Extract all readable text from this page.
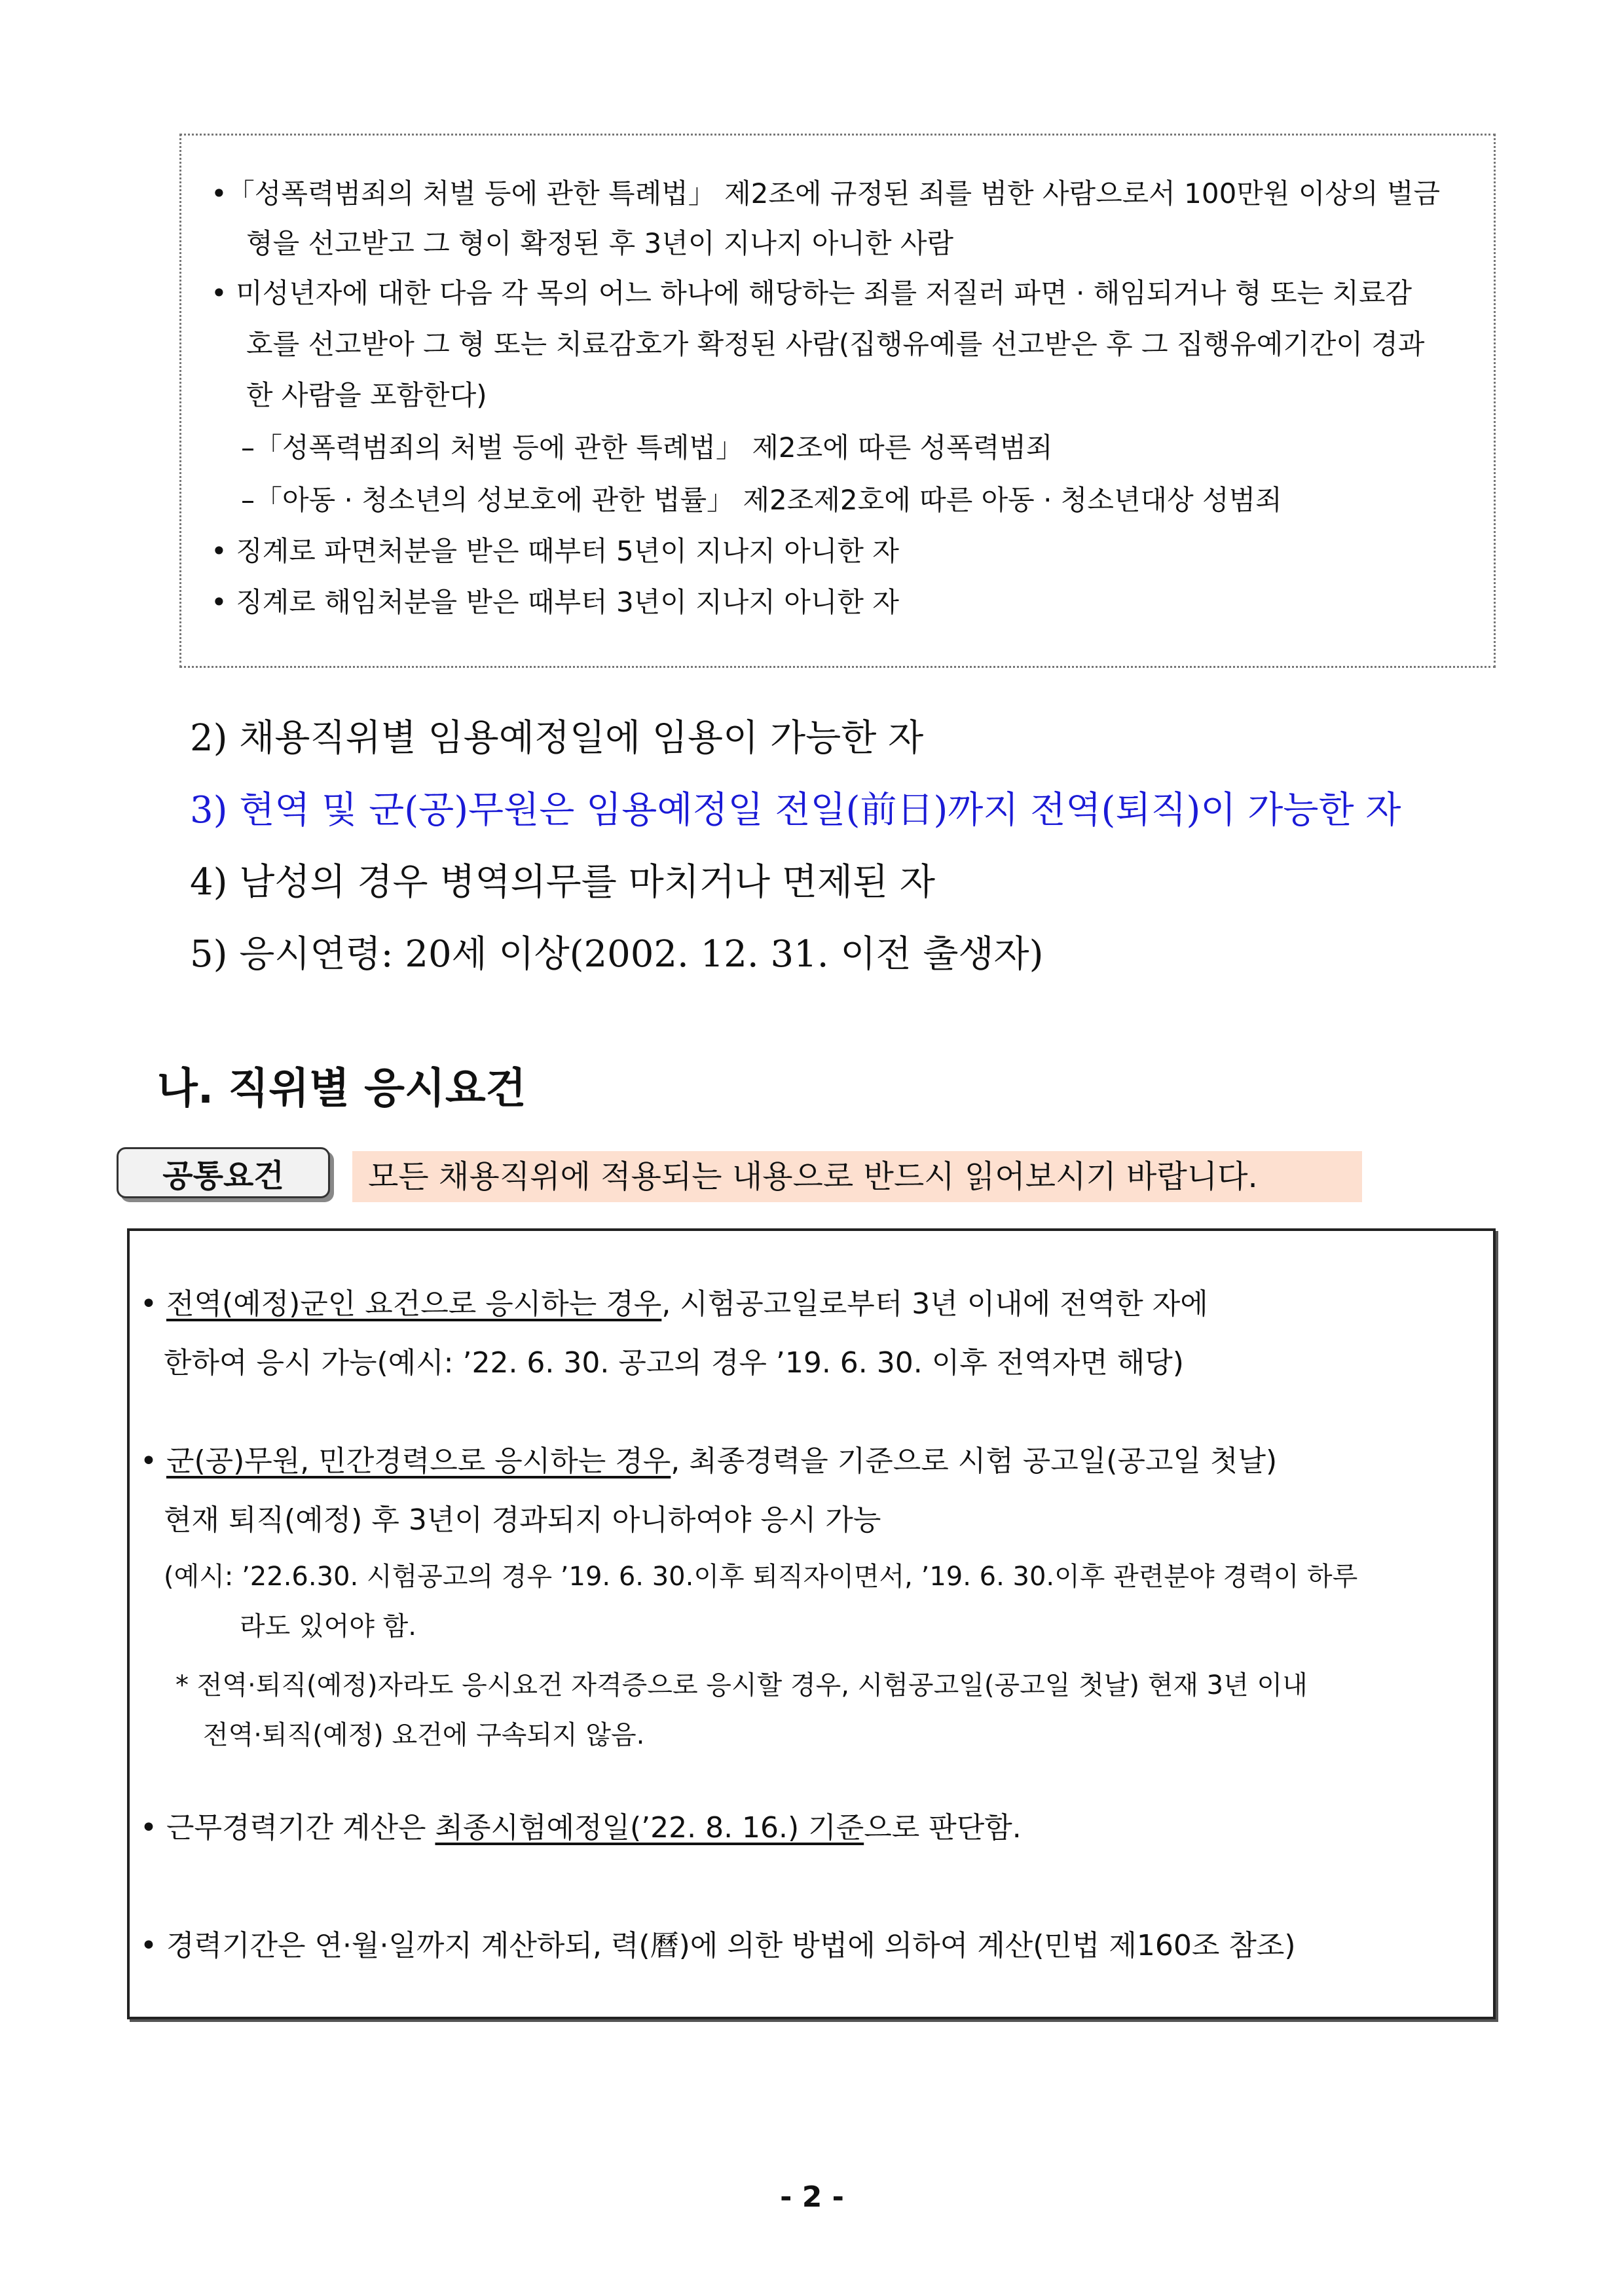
•「성폭력범죄의 처벌 등에 관한 특례법」 제2조에 규정된 죄를 범한 사람으로서 100만원 이상의 벌금
형을 선고받고 그 형이 확정된 후 3년이 지나지 아니한 사람
• 미성년자에 대한 다음 각 목의 어느 하나에 해당하는 죄를 저질러 파면 · 해임되거나 형 또는 치료감
호를 선고받아 그 형 또는 치료감호가 확정된 사람(집행유예를 선고받은 후 그 집행유예기간이 경과
한 사람을 포함한다)
–「성폭력범죄의 처벌 등에 관한 특례법」 제2조에 따른 성폭력범죄
–「아동 · 청소년의 성보호에 관한 법률」 제2조제2호에 따른 아동 · 청소년대상 성범죄
• 징계로 파면처분을 받은 때부터 5년이 지나지 아니한 자
• 징계로 해임처분을 받은 때부터 3년이 지나지 아니한 자
2) 채용직위별 임용예정일에 임용이 가능한 자
3) 현역 및 군(공)무원은 임용예정일 전일(前日)까지 전역(퇴직)이 가능한 자
4) 남성의 경우 병역의무를 마치거나 면제된 자
5) 응시연령: 20세 이상(2002. 12. 31. 이전 출생자)
나. 직위별 응시요건
공통요건	모든 채용직위에 적용되는 내용으로 반드시 읽어보시기 바랍니다.
• 전역(예정)군인 요건으로 응시하는 경우, 시험공고일로부터 3년 이내에 전역한 자에
한하여 응시 가능(예시: ’22. 6. 30. 공고의 경우 ’19. 6. 30. 이후 전역자면 해당)
• 군(공)무원, 민간경력으로 응시하는 경우, 최종경력을 기준으로 시험 공고일(공고일 첫날)
현재 퇴직(예정) 후 3년이 경과되지 아니하여야 응시 가능
(예시: ’22.6.30. 시험공고의 경우 ’19. 6. 30.이후 퇴직자이면서, ’19. 6. 30.이후 관련분야 경력이 하루
라도 있어야 함.
* 전역·퇴직(예정)자라도 응시요건 자격증으로 응시할 경우, 시험공고일(공고일 첫날) 현재 3년 이내
전역·퇴직(예정) 요건에 구속되지 않음.
• 근무경력기간 계산은 최종시험예정일(’22. 8. 16.) 기준으로 판단함.
• 경력기간은 연·월·일까지 계산하되, 력(曆)에 의한 방법에 의하여 계산(민법 제160조 참조)
- 2 -
